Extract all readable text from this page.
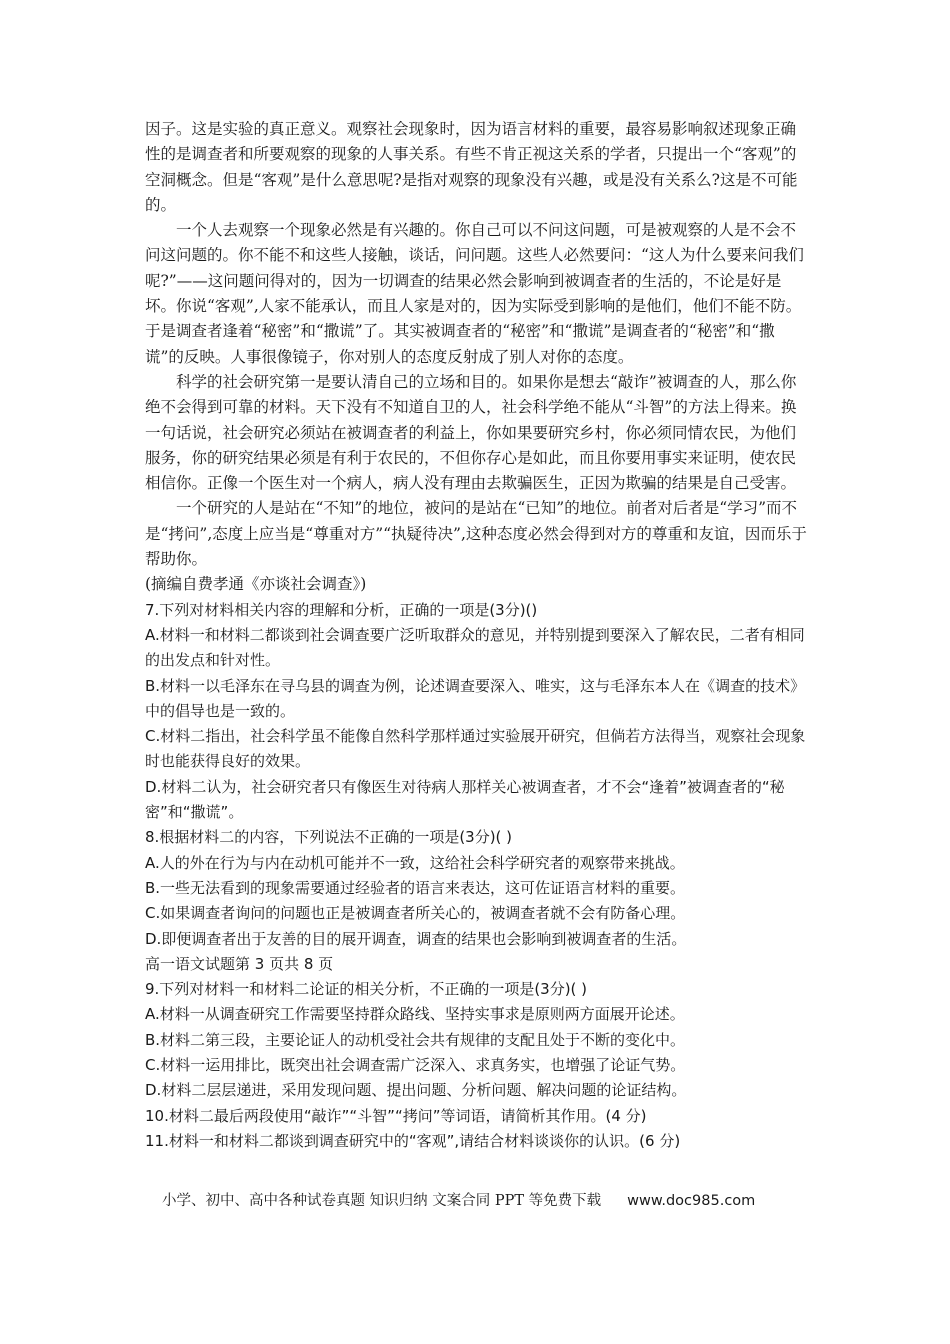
因子。这是实验的真正意义。观察社会现象时，因为语言材料的重要，最容易影响叙述现象正确性的是调查者和所要观察的现象的人事关系。有些不肯正视这关系的学者，只提出一个“客观”的空洞概念。但是“客观”是什么意思呢?是指对观察的现象没有兴趣，或是没有关系么?这是不可能的。

一个人去观察一个现象必然是有兴趣的。你自己可以不问这问题，可是被观察的人是不会不问这问题的。你不能不和这些人接触，谈话，问问题。这些人必然要问：“这人为什么要来问我们呢?”——这问题问得对的，因为一切调查的结果必然会影响到被调查者的生活的，不论是好是坏。你说“客观”,人家不能承认，而且人家是对的，因为实际受到影响的是他们，他们不能不防。于是调查者逢着“秘密”和“撒谎”了。其实被调查者的“秘密”和“撒谎”是调查者的“秘密”和“撒谎”的反映。人事很像镜子，你对别人的态度反射成了别人对你的态度。

科学的社会研究第一是要认清自己的立场和目的。如果你是想去“敲诈”被调查的人，那么你绝不会得到可靠的材料。天下没有不知道自卫的人，社会科学绝不能从“斗智”的方法上得来。换一句话说，社会研究必须站在被调查者的利益上，你如果要研究乡村，你必须同情农民，为他们服务，你的研究结果必须是有利于农民的，不但你存心是如此，而且你要用事实来证明，使农民相信你。正像一个医生对一个病人，病人没有理由去欺骗医生，正因为欺骗的结果是自己受害。

一个研究的人是站在“不知”的地位，被问的是站在“已知”的地位。前者对后者是“学习”而不是“拷问”,态度上应当是“尊重对方”“执疑待决”,这种态度必然会得到对方的尊重和友谊，因而乐于帮助你。

(摘编自费孝通《亦谈社会调查》)

7.下列对材料相关内容的理解和分析，正确的一项是(3分)()

A.材料一和材料二都谈到社会调查要广泛听取群众的意见，并特别提到要深入了解农民，二者有相同的出发点和针对性。

B.材料一以毛泽东在寻乌县的调查为例，论述调查要深入、唯实，这与毛泽东本人在《调查的技术》中的倡导也是一致的。

C.材料二指出，社会科学虽不能像自然科学那样通过实验展开研究，但倘若方法得当，观察社会现象时也能获得良好的效果。

D.材料二认为，社会研究者只有像医生对待病人那样关心被调查者，才不会“逢着”被调查者的“秘密”和“撒谎”。

8.根据材料二的内容，下列说法不正确的一项是(3分)( )

A.人的外在行为与内在动机可能并不一致，这给社会科学研究者的观察带来挑战。

B.一些无法看到的现象需要通过经验者的语言来表达，这可佐证语言材料的重要。

C.如果调查者询问的问题也正是被调查者所关心的，被调查者就不会有防备心理。

D.即便调查者出于友善的目的展开调查，调查的结果也会影响到被调查者的生活。

高一语文试题第 3 页共 8 页

9.下列对材料一和材料二论证的相关分析，不正确的一项是(3分)( )

A.材料一从调查研究工作需要坚持群众路线、坚持实事求是原则两方面展开论述。

B.材料二第三段，主要论证人的动机受社会共有规律的支配且处于不断的变化中。

C.材料一运用排比，既突出社会调查需广泛深入、求真务实，也增强了论证气势。

D.材料二层层递进，采用发现问题、提出问题、分析问题、解决问题的论证结构。

10.材料二最后两段使用“敲诈”“斗智”“拷问”等词语，请简析其作用。(4 分)

11.材料一和材料二都谈到调查研究中的“客观”,请结合材料谈谈你的认识。(6 分)

小学、初中、高中各种试卷真题 知识归纳 文案合同 PPT 等免费下载 www.doc985.com
